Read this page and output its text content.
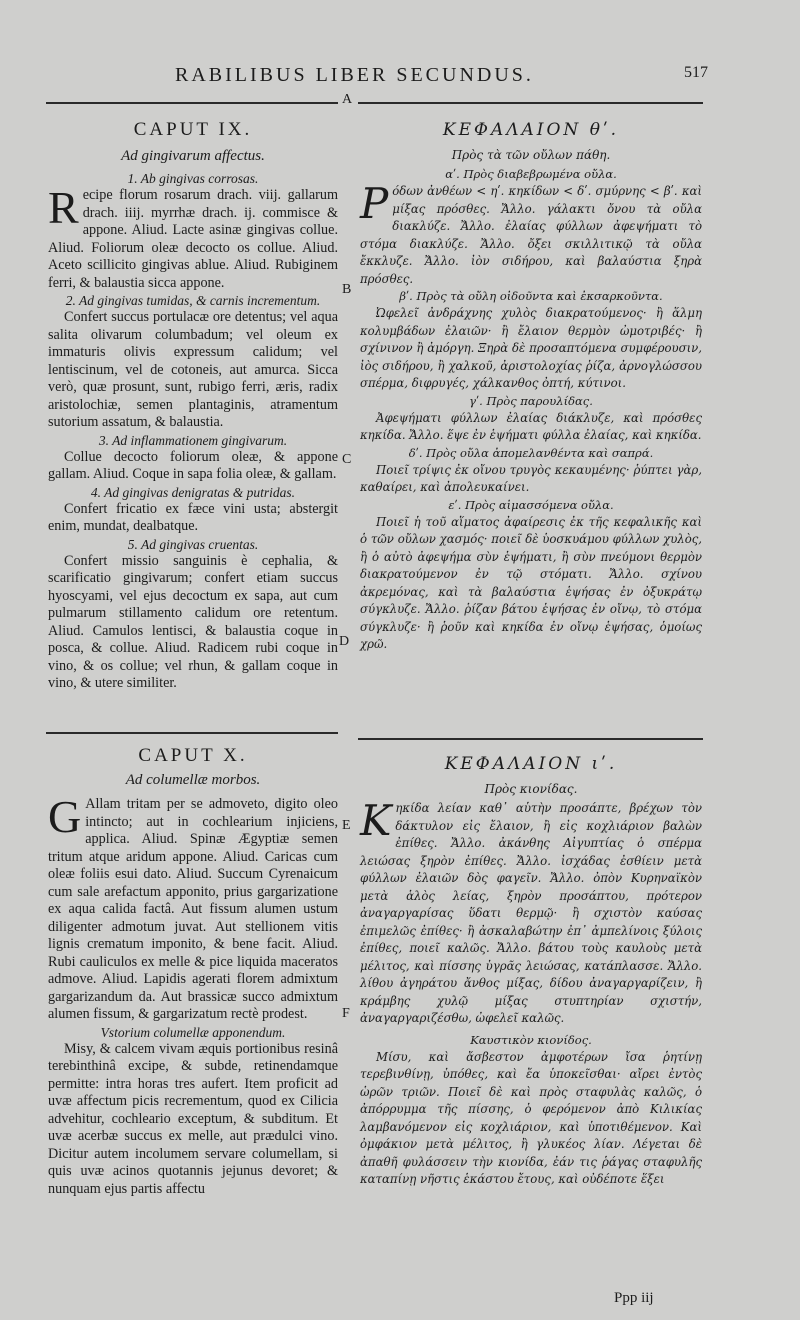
RABILIBUS LIBER SECUNDUS.	517
A
B
C
D
E
F
CAPUT IX.
Ad gingivarum affectus.
1. Ab gingivas corrosas.

Recipe florum rosarum drach. viij. gallarum drach. iiij. myrrhæ drach. ij. commisce & appone. Aliud. Lacte asinæ gingivas collue. Aliud. Foliorum oleæ decocto os collue. Aliud. Aceto scillicito gingivas ablue. Aliud. Rubiginem ferri, & balaustia sicca appone.

2. Ad gingivas tumidas, & carnis incrementum.

Confert succus portulacæ ore detentus; vel aqua salita olivarum columbadum; vel oleum ex immaturis olivis expressum calidum; vel lentiscinum, vel de cotoneis, aut amurca. Sicca verò, quæ prosunt, sunt, rubigo ferri, æris, radix aristolochiæ, semen plantaginis, atramentum sutorium assatum, & balaustia.

3. Ad inflammationem gingivarum.

Collue decocto foliorum oleæ, & appone gallam. Aliud. Coque in sapa folia oleæ, & gallam.

4. Ad gingivas denigratas & putridas.

Confert fricatio ex fæce vini usta; abstergit enim, mundat, dealbatque.

5. Ad gingivas cruentas.

Confert missio sanguinis è cephalia, & scarificatio gingivarum; confert etiam succus hyoscyami, vel ejus decoctum ex sapa, aut cum pulmarum stillamento calidum ore retentum. Aliud. Camulos lentisci, & balaustia coque in posca, & collue. Aliud. Radicem rubi coque in vino, & os collue; vel rhun, & gallam coque in vino, & utere similiter.

CAPUT X.
Ad columellæ morbos.

G Allam tritam per se admoveto, digito oleo intincto; aut in cochlearium injiciens, applica. Aliud. Spinæ Ægyptiæ semen tritum atque aridum appone. Aliud. Caricas cum oleæ foliis esui dato. Aliud. Succum Cyrenaicum cum sale arefactum apponito, prius gargarizatione ex aqua calida factâ. Aut fissum alumen ustum diligenter admotum juvat. Aut stellionem vitis lignis crematum imponito, & bene facit. Aliud. Rubi cauliculos ex melle & pice liquida maceratos admove. Aliud. Lapidis agerati florem admixtum gargarizandum da. Aut brassicæ succo admixtum alumen fissum, & gargarizatum rectè prodest.

Vstorium columellæ apponendum.

Misy, & calcem vivam æquis portionibus resinâ terebinthinâ excipe, & subde, retinendamque permitte: intra horas tres aufert. Item proficit ad uvæ affectum picis recrementum, quod ex Cilicia advehitur, cochleario exceptum, & subditum. Et uvæ acerbæ succus ex melle, aut prædulci vino. Dicitur autem incolumem servare columellam, si quis uvæ acinos quotannis jejunus devoret; & nunquam ejus partis affectu

ΚΕΦΑΛΑΙΟΝ θʹ.
Πρὸς τὰ τῶν οὔλων πάθη.
αʹ. Πρὸς διαβεβρωμένα οὔλα.

Ρόδων ἀνθέων < ηʹ. κηκίδων < δʹ. σμύρνης < βʹ. καὶ μίξας πρόσθες. Ἄλλο. γάλακτι ὄνου τὰ οὔλα διακλύζε. Ἄλλο. ἐλαίας φύλλων ἀφεψήματι τὸ στόμα διακλύζε. Ἄλλο. ὄξει σκιλλιτικῷ τὰ οὔλα ἔκκλυζε. Ἄλλο. ἰὸν σιδήρου, καὶ βαλαύστια ξηρὰ πρόσθες.

βʹ. Πρὸς τὰ οὔλη οἰδοῦντα καὶ ἐκσαρκοῦντα.

Ὠφελεῖ ἀνδράχνης χυλὸς διακρατούμενος· ἢ ἅλμη κολυμβάδων ἐλαιῶν· ἢ ἔλαιον θερμὸν ὠμοτριβές· ἢ σχίνινον ἢ ἀμόργη. Ξηρὰ δὲ προσαπτόμενα συμφέρουσιν, ἰὸς σιδήρου, ἢ χαλκοῦ, ἀριστολοχίας ῥίζα, ἀρνογλώσσου σπέρμα, διφρυγές, χάλκανθος ὀπτή, κύτινοι.

γʹ. Πρὸς παρουλίδας.

Ἀφεψήματι φύλλων ἐλαίας διάκλυζε, καὶ πρόσθες κηκίδα. Ἄλλο. ἕψε ἐν ἑψήματι φύλλα ἐλαίας, καὶ κηκίδα.

δʹ. Πρὸς οὔλα ἀπομελανθέντα καὶ σαπρά.

Ποιεῖ τρίψις ἐκ οἴνου τρυγὸς κεκαυμένης· ῥύπτει γὰρ, καθαίρει, καὶ ἀπολευκαίνει.

εʹ. Πρὸς αἱμασσόμενα οὔλα.

Ποιεῖ ἡ τοῦ αἵματος ἀφαίρεσις ἐκ τῆς κεφαλικῆς καὶ ὁ τῶν οὔλων χασμός· ποιεῖ δὲ ὑοσκυάμου φύλλων χυλὸς, ἢ ὁ αὐτὸ ἀφεψήμα σὺν ἑψήματι, ἢ σὺν πνεύμονι θερμὸν διακρατούμενον ἐν τῷ στόματι. Ἄλλο. σχίνου ἀκρεμόνας, καὶ τὰ βαλαύστια ἑψήσας ἐν ὀξυκράτῳ σύγκλυζε. Ἄλλο. ῥίζαν βάτου ἑψήσας ἐν οἴνῳ, τὸ στόμα σύγκλυζε· ἢ ῥοῦν καὶ κηκίδα ἐν οἴνῳ ἑψήσας, ὁμοίως χρῶ.

ΚΕΦΑΛΑΙΟΝ ιʹ.
Πρὸς κιονίδας.

Κηκίδα λείαν καθ᾽ αὑτὴν προσάπτε, βρέχων τὸν δάκτυλον εἰς ἔλαιον, ἢ εἰς κοχλιάριον βαλὼν ἐπίθες. Ἄλλο. ἀκάνθης Αἰγυπτίας ὁ σπέρμα λειώσας ξηρὸν ἐπίθες. Ἄλλο. ἰσχάδας ἐσθίειν μετὰ φύλλων ἐλαιῶν δὸς φαγεῖν. Ἄλλο. ὀπὸν Κυρηναϊκὸν μετὰ ἁλὸς λείας, ξηρὸν προσάπτου, πρότερον ἀναγαργαρίσας ὕδατι θερμῷ· ἢ σχιστὸν καύσας ἐπιμελῶς ἐπίθες· ἢ ἀσκαλαβώτην ἐπ᾽ ἀμπελίνοις ξύλοις ἐπίθες, ποιεῖ καλῶς. Ἄλλο. βάτου τοὺς καυλοὺς μετὰ μέλιτος, καὶ πίσσης ὑγρᾶς λειώσας, κατάπλασσε. Ἄλλο. λίθου ἀγηράτου ἄνθος μίξας, δίδου ἀναγαργαρίζειν, ἢ κράμβης χυλῷ μίξας στυπτηρίαν σχιστήν, ἀναγαργαριζέσθω, ὠφελεῖ καλῶς.

Καυστικὸν κιονίδος.

Μίσυ, καὶ ἄσβεστον ἀμφοτέρων ἴσα ῥητίνῃ τερεβινθίνῃ, ὑπόθες, καὶ ἔα ὑποκεῖσθαι· αἴρει ἐντὸς ὡρῶν τριῶν. Ποιεῖ δὲ καὶ πρὸς σταφυλὰς καλῶς, ὁ ἀπόρρυμμα τῆς πίσσης, ὁ φερόμενον ἀπὸ Κιλικίας λαμβανόμενον εἰς κοχλιάριον, καὶ ὑποτιθέμενον. Καὶ ὀμφάκιον μετὰ μέλιτος, ἢ γλυκέος λίαν. Λέγεται δὲ ἀπαθῆ φυλάσσειν τὴν κιονίδα, ἐάν τις ῥάγας σταφυλῆς καταπίνῃ νῆστις ἑκάστου ἔτους, καὶ οὐδέποτε ἕξει

Ppp iij
